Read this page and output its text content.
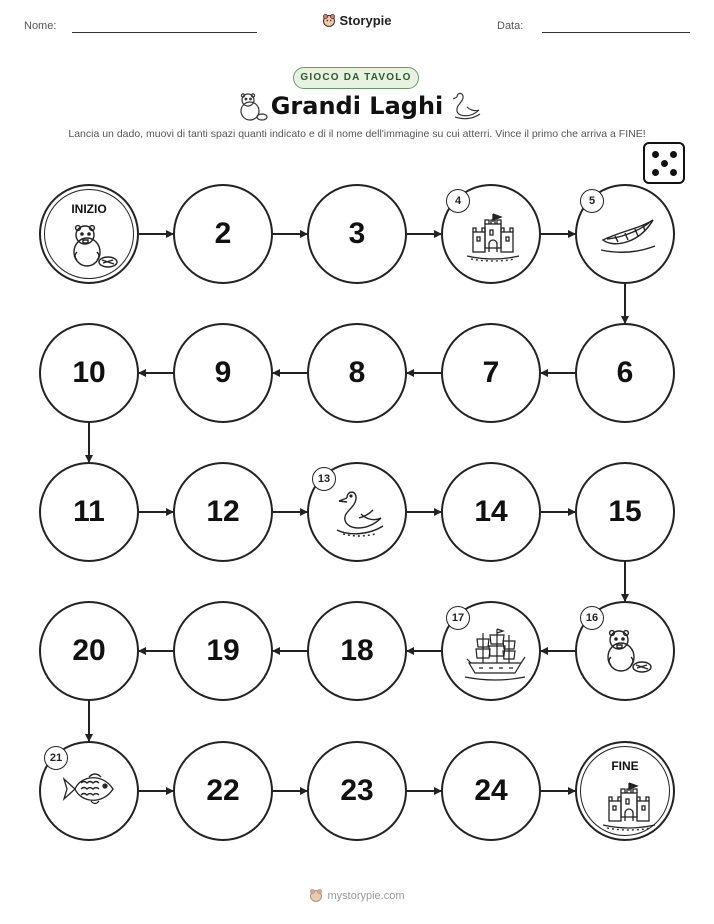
Nome:	Storypie	Data:
GIOCO DA TAVOLO
Grandi Laghi
Lancia un dado, muovi di tanti spazi quanti indicato e di il nome dell'immagine su cui atterri. Vince il primo che arriva a FINE!
INIZIO
2	3
4	5
6
7
8
9
10
11	12
13
14	15
16
17
18
19
20
21
22	23	24
FINE
mystorypie.com
